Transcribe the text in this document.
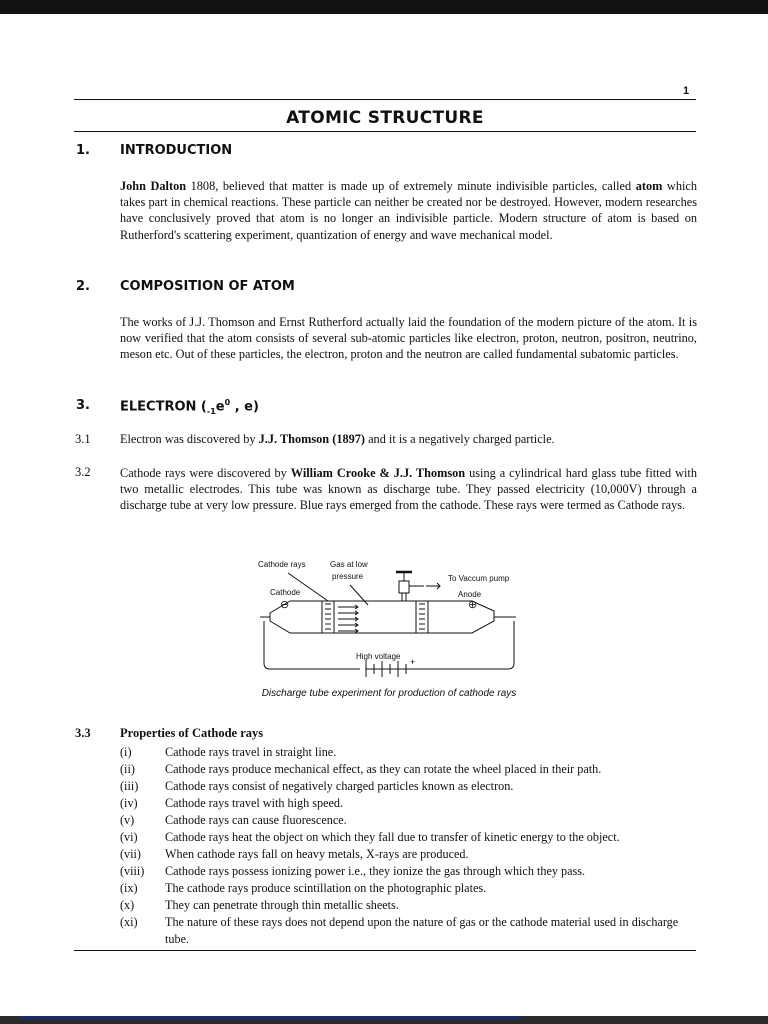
1
ATOMIC STRUCTURE
1. INTRODUCTION

John Dalton 1808, believed that matter is made up of extremely minute indivisible particles, called atom which takes part in chemical reactions. These particle can neither be created nor be destroyed. However, modern researches have conclusively proved that atom is no longer an indivisible particle. Modern structure of atom is based on Rutherford's scattering experiment, quantization of energy and wave mechanical model.

2. COMPOSITION OF ATOM

The works of J.J. Thomson and Ernst Rutherford actually laid the foundation of the modern picture of the atom. It is now verified that the atom consists of several sub-atomic particles like electron, proton, neutron, positron, neutrino, meson etc. Out of these particles, the electron, proton and the neutron are called fundamental subatomic particles.

3. ELECTRON ($_{-1}e^0$ , e)
3.1 Electron was discovered by J.J. Thomson (1897) and it is a negatively charged particle.
3.2 Cathode rays were discovered by William Crooke & J.J. Thomson using a cylindrical hard glass tube fitted with two metallic electrodes. This tube was known as discharge tube. They passed electricity (10,000V) through a discharge tube at very low pressure. Blue rays emerged from the cathode. These rays were termed as Cathode rays.

Cathode rays	Gas at low
pressure	To Vaccum pump
Cathode	Anode
⊖	⊕
High voltage
+
Discharge tube experiment for production of cathode rays
3.3 Properties of Cathode rays
(i)	Cathode rays travel in straight line.
(ii)	Cathode rays produce mechanical effect, as they can rotate the wheel placed in their path.
(iii)	Cathode rays consist of negatively charged particles known as electron.
(iv)	Cathode rays travel with high speed.
(v)	Cathode rays can cause fluorescence.
(vi)	Cathode rays heat the object on which they fall due to transfer of kinetic energy to the object.
(vii)	When cathode rays fall on heavy metals, X-rays are produced.
(viii)	Cathode rays possess ionizing power i.e., they ionize the gas through which they pass.
(ix)	The cathode rays produce scintillation on the photographic plates.
(x)	They can penetrate through thin metallic sheets.
(xi)	The nature of these rays does not depend upon the nature of gas or the cathode material used in discharge tube.
